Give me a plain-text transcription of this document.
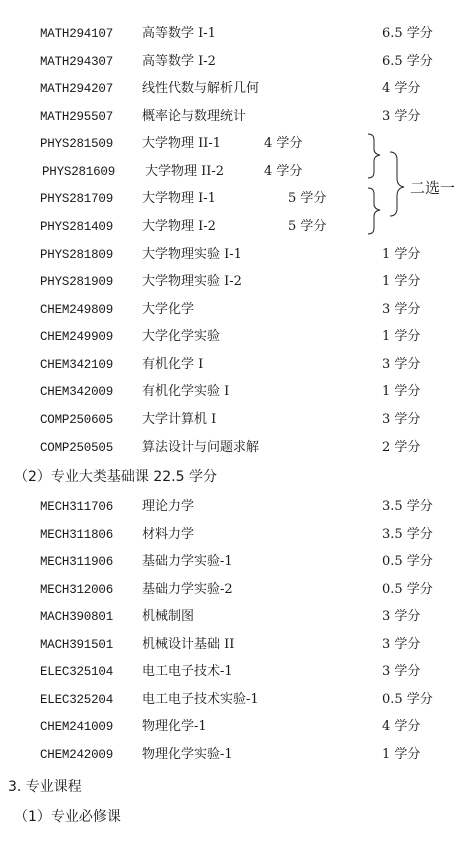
MATH294107 高等数学 I-1	6.5 学分
MATH294307 高等数学 I-2	6.5 学分
MATH294207 线性代数与解析几何	4 学分
MATH295507 概率论与数理统计	3 学分
PHYS281509 大学物理 II-1	4 学分
PHYS281609 大学物理 II-2	4 学分
PHYS281709 大学物理 I-1	5 学分
PHYS281409 大学物理 I-2	5 学分
二选一
PHYS281809 大学物理实验 I-1	1 学分
PHYS281909 大学物理实验 I-2	1 学分
CHEM249809 大学化学	3 学分
CHEM249909 大学化学实验	1 学分
CHEM342109 有机化学 I	3 学分
CHEM342009 有机化学实验 I	1 学分
COMP250605 大学计算机 I	3 学分
COMP250505 算法设计与问题求解	2 学分
（2）专业大类基础课 22.5 学分
MECH311706 理论力学	3.5 学分
MECH311806 材料力学	3.5 学分
MECH311906 基础力学实验-1	0.5 学分
MECH312006 基础力学实验-2	0.5 学分
MACH390801 机械制图	3 学分
MACH391501 机械设计基础 II	3 学分
ELEC325104 电工电子技术-1	3 学分
ELEC325204 电工电子技术实验-1	0.5 学分
CHEM241009 物理化学-1	4 学分
CHEM242009 物理化学实验-1	1 学分
3. 专业课程
（1）专业必修课
